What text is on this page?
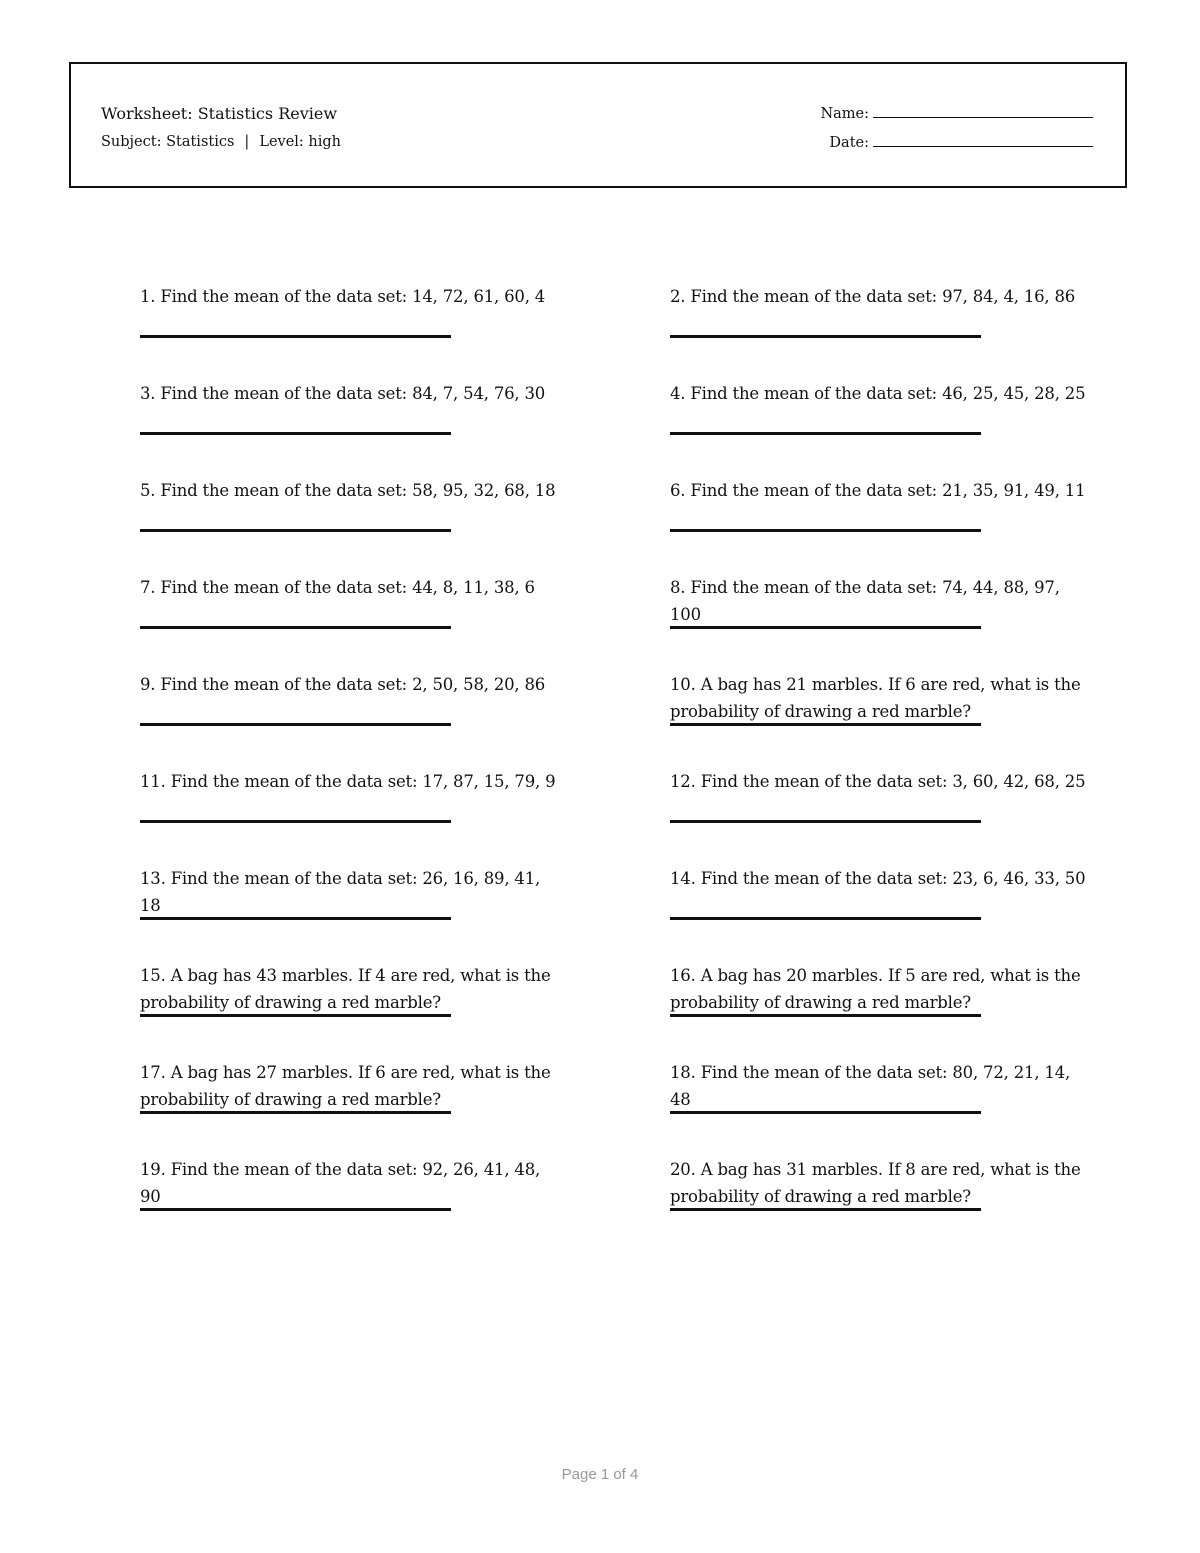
Worksheet: Statistics Review
Subject: Statistics | Level: high
Name:
Date:
1. Find the mean of the data set: 14, 72, 61, 60, 4	2. Find the mean of the data set: 97, 84, 4, 16, 86
3. Find the mean of the data set: 84, 7, 54, 76, 30	4. Find the mean of the data set: 46, 25, 45, 28, 25
5. Find the mean of the data set: 58, 95, 32, 68, 18	6. Find the mean of the data set: 21, 35, 91, 49, 11
7. Find the mean of the data set: 44, 8, 11, 38, 6	8. Find the mean of the data set: 74, 44, 88, 97, 100
9. Find the mean of the data set: 2, 50, 58, 20, 86	10. A bag has 21 marbles. If 6 are red, what is the probability of drawing a red marble?
11. Find the mean of the data set: 17, 87, 15, 79, 9	12. Find the mean of the data set: 3, 60, 42, 68, 25
13. Find the mean of the data set: 26, 16, 89, 41, 18
14. Find the mean of the data set: 23, 6, 46, 33, 50
15. A bag has 43 marbles. If 4 are red, what is the probability of drawing a red marble?
16. A bag has 20 marbles. If 5 are red, what is the probability of drawing a red marble?
17. A bag has 27 marbles. If 6 are red, what is the probability of drawing a red marble?
18. Find the mean of the data set: 80, 72, 21, 14, 48
19. Find the mean of the data set: 92, 26, 41, 48, 90
20. A bag has 31 marbles. If 8 are red, what is the probability of drawing a red marble?
Page 1 of 4
